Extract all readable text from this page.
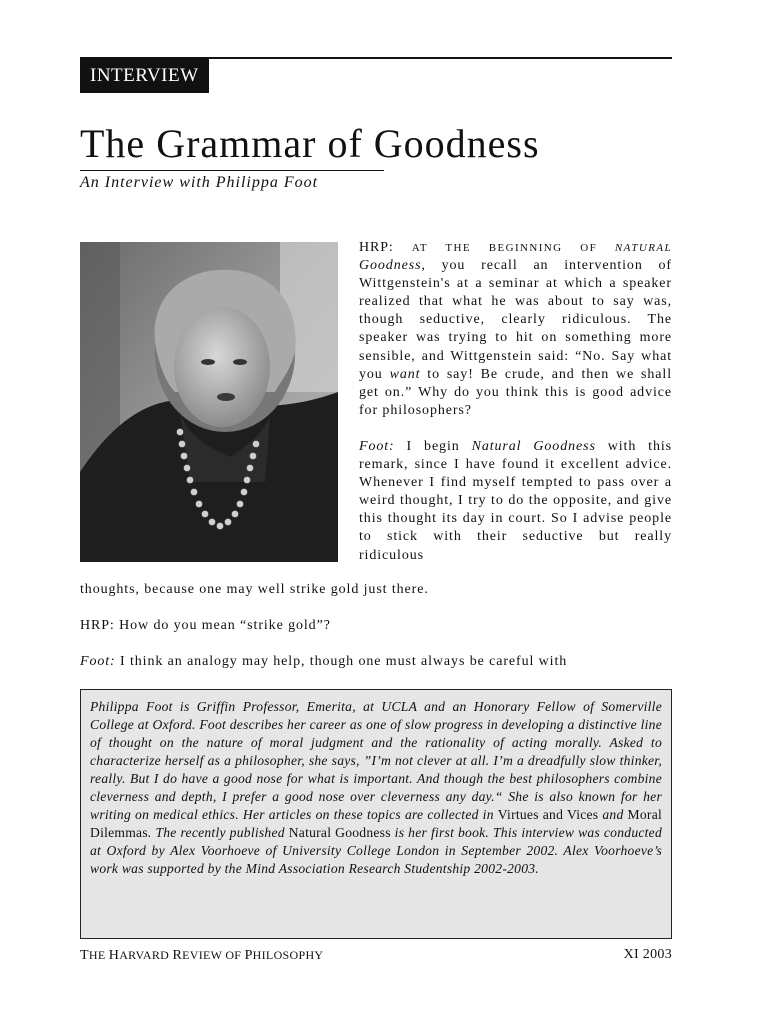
INTERVIEW
The Grammar of Goodness
An Interview with Philippa Foot

HRP: AT THE BEGINNING OF NATURAL Goodness, you recall an intervention of Wittgenstein's at a seminar at which a speaker realized that what he was about to say was, though seductive, clearly ridiculous. The speaker was trying to hit on something more sensible, and Wittgenstein said: “No. Say what you want to say! Be crude, and then we shall get on.” Why do you think this is good advice for philosophers?

Foot: I begin Natural Goodness with this remark, since I have found it excellent advice. Whenever I find myself tempted to pass over a weird thought, I try to do the opposite, and give this thought its day in court. So I advise people to stick with their seductive but really ridiculous

thoughts, because one may well strike gold just there.

HRP: How do you mean “strike gold”?

Foot: I think an analogy may help, though one must always be careful with

Philippa Foot is Griffin Professor, Emerita, at UCLA and an Honorary Fellow of Somerville College at Oxford. Foot describes her career as one of slow progress in developing a distinctive line of thought on the nature of moral judgment and the rationality of acting morally. Asked to characterize herself as a philosopher, she says, ”I’m not clever at all. I’m a dreadfully slow thinker, really. But I do have a good nose for what is important. And though the best philosophers combine cleverness and depth, I prefer a good nose over cleverness any day.“ She is also known for her writing on medical ethics. Her articles on these topics are collected in Virtues and Vices and Moral Dilemmas. The recently published Natural Goodness is her first book. This interview was conducted at Oxford by Alex Voorhoeve of University College London in September 2002. Alex Voorhoeve’s work was supported by the Mind Association Research Studentship 2002-2003.

THE HARVARD REVIEW OF PHILOSOPHY	XI 2003
